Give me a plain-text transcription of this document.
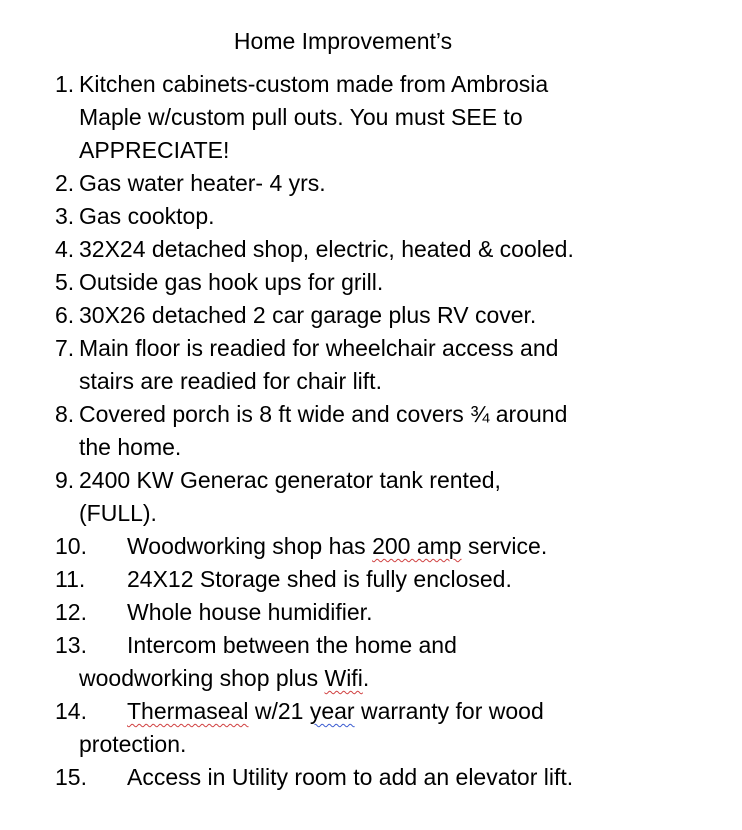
Home Improvement’s
1. Kitchen cabinets-custom made from Ambrosia
Maple w/custom pull outs. You must SEE to
APPRECIATE!
2. Gas water heater- 4 yrs.
3. Gas cooktop.
4. 32X24 detached shop, electric, heated & cooled.
5. Outside gas hook ups for grill.
6. 30X26 detached 2 car garage plus RV cover.
7. Main floor is readied for wheelchair access and
stairs are readied for chair lift.
8. Covered porch is 8 ft wide and covers ¾ around
the home.
9. 2400 KW Generac generator tank rented,
(FULL).
10.	Woodworking shop has 200 amp service.
11.	24X12 Storage shed is fully enclosed.
12.	Whole house humidifier.
13.	Intercom between the home and
woodworking shop plus Wifi.
14.	Thermaseal w/21 year warranty for wood
protection.
15.	Access in Utility room to add an elevator lift.
